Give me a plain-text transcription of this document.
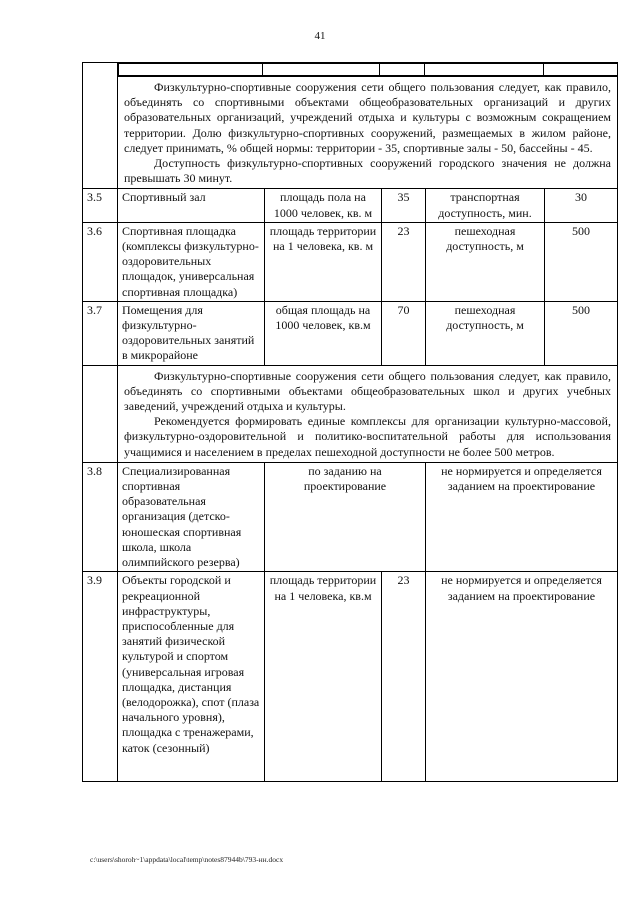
41

Физкультурно-спортивные сооружения сети общего пользования следует, как правило, объединять со спортивными объектами общеобразовательных организаций и других образовательных организаций, учреждений отдыха и культуры с возможным сокращением территории. Долю физкультурно-спортивных сооружений, размещаемых в жилом районе, следует принимать, % общей нормы: территории - 35, спортивные залы - 50, бассейны - 45.

Доступность физкультурно-спортивных сооружений городского значения не должна превышать 30 минут.

3.5	Спортивный зал	площадь пола на 1000 человек, кв. м	35	транспортная доступность, мин.	30
3.6	Спортивная площадка (комплексы физкультурно-оздоровительных площадок, универсальная спортивная площадка)	площадь территории на 1 человека, кв. м	23	пешеходная доступность, м	500
3.7	Помещения для физкультурно-оздоровительных занятий в микрорайоне	общая площадь на 1000 человек, кв.м	70	пешеходная доступность, м	500

Физкультурно-спортивные сооружения сети общего пользования следует, как правило, объединять со спортивными объектами общеобразовательных школ и других учебных заведений, учреждений отдыха и культуры.

Рекомендуется формировать единые комплексы для организации культурно-массовой, физкультурно-оздоровительной и политико-воспитательной работы для использования учащимися и населением в пределах пешеходной доступности не более 500 метров.

3.8	Специализированная спортивная образовательная организация (детско-юношеская спортивная школа, школа олимпийского резерва)	по заданию на проектирование	не нормируется и определяется заданием на проектирование
3.9	Объекты городской и рекреационной инфраструктуры, приспособленные для занятий физической культурой и спортом (универсальная игровая площадка, дистанция (велодорожка), спот (плаза начального уровня), площадка с тренажерами, каток (сезонный)	площадь территории на 1 человека, кв.м	23	не нормируется и определяется заданием на проектирование
c:\users\shoroh~1\appdata\local\temp\notes87944b\793-нн.docx
